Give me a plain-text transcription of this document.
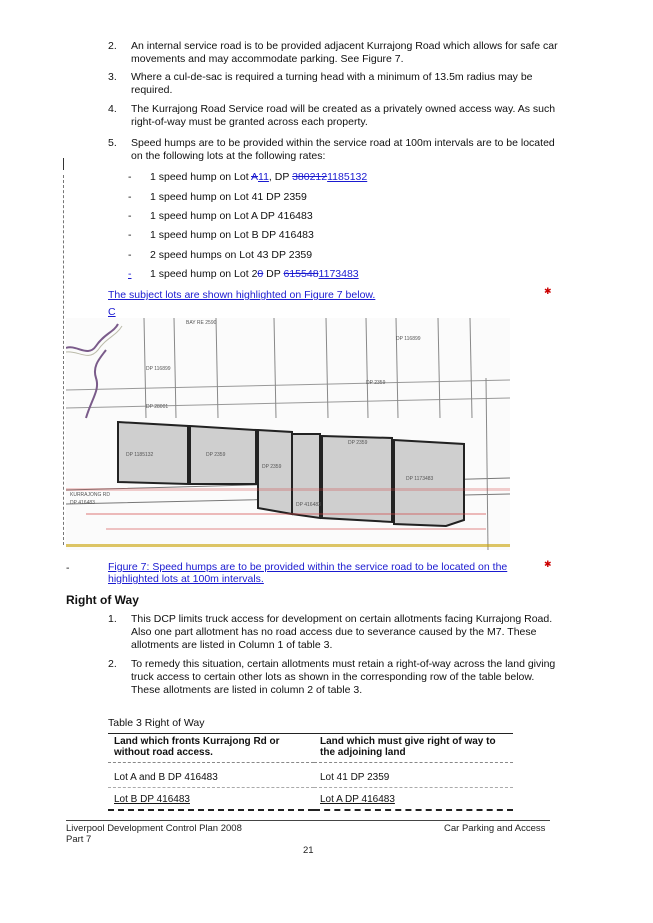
2. An internal service road is to be provided adjacent Kurrajong Road which allows for safe car movements and may accommodate parking. See Figure 7.
3. Where a cul-de-sac is required a turning head with a minimum of 13.5m radius may be required.
4. The Kurrajong Road Service road will be created as a privately owned access way. As such right-of-way must be granted across each property.
5. Speed humps are to be provided within the service road at 100m intervals are to be located on the following lots at the following rates:
- 1 speed hump on Lot A11, DP 3802121185132
- 1 speed hump on Lot 41 DP 2359
- 1 speed hump on Lot A DP 416483
- 1 speed hump on Lot B DP 416483
- 2 speed humps on Lot 43 DP 2359
- 1 speed hump on Lot 20 DP 6155481173483
The subject lots are shown highlighted on Figure 7 below.	✱
C
DP 1185132	DP 2359
DP 2359
DP 2359
DP 1173483
DP 416483
KURRAJONG RD
DP 416483
DP 116899
DP 28001
BAY RE 2590
DP 116899
DP 2359
-	Figure 7: Speed humps are to be provided within the service road to be located on the highlighted lots at 100m intervals.
✱
Right of Way
1. This DCP limits truck access for development on certain allotments facing Kurrajong Road. Also one part allotment has no road access due to severance caused by the M7. These allotments are listed in Column 1 of table 3.
2. To remedy this situation, certain allotments must retain a right-of-way across the land giving truck access to certain other lots as shown in the corresponding row of the table below. These allotments are listed in column 2 of table 3.
Table 3 Right of Way
Land which fronts Kurrajong Rd or without road access.	Land which must give right of way to the adjoining land
Lot A and B DP 416483	Lot 41 DP 2359
Lot B DP 416483	Lot A DP 416483
Liverpool Development Control Plan 2008
Part 7
Car Parking and Access
21
